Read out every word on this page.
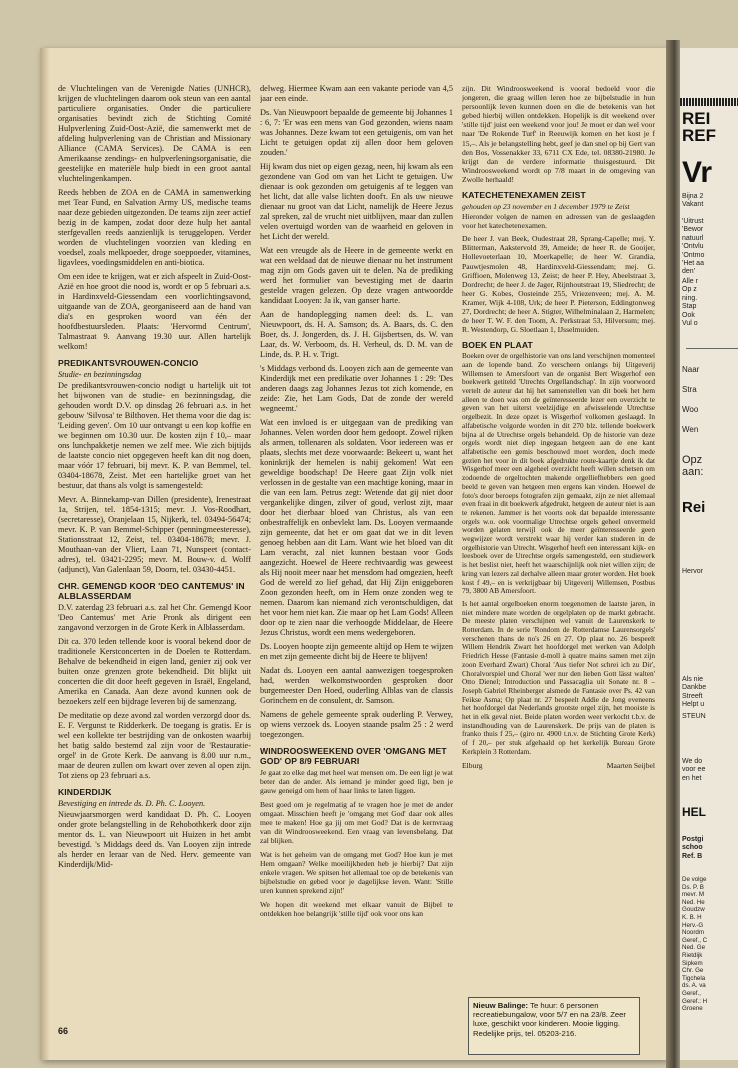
de Vluchtelingen van de Verenigde Naties (UNHCR), krijgen de vluchtelingen daarom ook steun van een aantal particuliere organisaties. Onder die particuliere organisaties bevindt zich de Stichting Comité Hulpverlening Zuid-Oost-Azië, die samenwerkt met de afdeling hulpverlening van de Christian and Missionary Alliance (CAMA Services). De CAMA is een Amerikaanse zendings- en hulpverleningsorganisatie, die geestelijke en materiële hulp biedt in een groot aantal vluchtelingenkampen.

Reeds hebben de ZOA en de CAMA in samenwerking met Tear Fund, en Salvation Army US, medische teams naar deze gebieden uitgezonden. De teams zijn zeer actief bezig in de kampen, zodat door deze hulp het aantal sterfgevallen reeds aanzienlijk is teruggelopen. Verder worden de vluchtelingen voorzien van kleding en voedsel, zoals melkpoeder, droge soeppoeder, vitamines, ligavlees, voedingsmiddelen en anti-biotica.

Om een idee te krijgen, wat er zich afspeelt in Zuid-Oost-Azië en hoe groot die nood is, wordt er op 5 februari a.s. in Hardinxveld-Giessendam een voorlichtingsavond, uitgaande van de ZOA, georganiseerd aan de hand van dia's en gesproken woord van één der hoofdbestuursleden. Plaats: 'Hervormd Centrum', Talmastraat 9. Aanvang 19.30 uur. Allen hartelijk welkom!

PREDIKANTSVROUWEN-CONCIO

Studie- en bezinningsdag

De predikantsvrouwen-concio nodigt u hartelijk uit tot het bijwonen van de studie- en bezinningsdag, die gehouden wordt D.V. op dinsdag 26 februari a.s. in het gebouw 'Silvosa' te Bilthoven. Het thema voor die dag is: 'Leiding geven'. Om 10 uur ontvangt u een kop koffie en we beginnen om 10.30 uur. De kosten zijn f 10,– maar ons lunchpakketje nemen we zelf mee. Wie zich bijtijds de laatste concio niet opgegeven heeft kan dit nog doen, maar vóór 17 februari, bij mevr. K. P. van Bemmel, tel. 03404-18678, Zeist. Met een hartelijke groet van het bestuur, dat thans als volgt is samengesteld:

Mevr. A. Binnekamp-van Dillen (presidente), Irenestraat 1a, Strijen, tel. 1854-1315; mevr. J. Vos-Roodhart, (secretaresse), Oranjelaan 15, Nijkerk, tel. 03494-56474; mevr. K. P. van Bemmel-Schipper (penningmeesteresse), Stationsstraat 12, Zeist, tel. 03404-18678; mevr. J. Mouthaan-van der Vliert, Laan 71, Nunspeet (contact-adres), tel. 03421-2295; mevr. M. Bouw-v. d. Wolff (adjunct), Van Galenlaan 59, Doorn, tel. 03430-4451.

CHR. GEMENGD KOOR 'DEO CANTEMUS' IN ALBLASSERDAM

D.V. zaterdag 23 februari a.s. zal het Chr. Gemengd Koor 'Deo Cantemus' met Arie Pronk als dirigent een zangavond verzorgen in de Grote Kerk in Alblasserdam.

Dit ca. 370 leden tellende koor is vooral bekend door de traditionele Kerstconcerten in de Doelen te Rotterdam. Behalve de bekendheid in eigen land, genieт zij ook ver buiten onze grenzen grote bekendheid. Dit blijkt uit concerten die dit door heeft gegeven in Israël, Engeland, Amerika en Canada. Aan deze avond kunnen ook de bezoekers zelf een bijdrage leveren bij de samenzang.

De meditatie op deze avond zal worden verzorgd door ds. E. F. Vergunst te Ridderkerk. De toegang is gratis. Er is wel een kollekte ter bestrijding van de onkosten waarbij het batig saldo bestemd zal zijn voor de 'Restauratie-orgel' in de Grote Kerk. De aanvang is 8.00 uur n.m., maar de deuren zullen om kwart over zeven al open zijn. Tot ziens op 23 februari a.s.

KINDERDIJK

Bevestiging en intrede ds. D. Ph. C. Looyen.

Nieuwjaarsmorgen werd kandidaat D. Ph. C. Looyen onder grote belangstelling in de Rehobothkerk door zijn mentor ds. L. van Nieuwpoort uit Huizen in het ambt bevestigd. 's Middags deed ds. Van Looyen zijn intrede als herder en leraar van de Ned. Herv. gemeente van Kinderdijk/Mid-

delweg. Hiermee Kwam aan een vakante periode van 4,5 jaar een einde.

Ds. Van Nieuwpoort bepaalde de gemeente bij Johannes 1 : 6, 7: 'Er was een mens van God gezonden, wiens naam was Johannes. Deze kwam tot een getuigenis, om van het Licht te getuigen opdat zij allen door hem geloven zouden.'

Hij kwam dus niet op eigen gezag, neen, hij kwam als een gezondene van God om van het Licht te getuigen. Uw dienaar is ook gezonden om getuigenis af te leggen van het licht, dat alle valse lichten doofτ. En als uw nieuwe dienaar nu groot van dat Licht, namelijk de Heere Jezus zal spreken, zal de vrucht niet uitblijven, maar dan zullen velen overtuigd worden van de waarheid en geloven in het Licht der wereld.

Wat een vreugde als de Heere in de gemeente werkt en wat een weldaad dat de nieuwe dienaar nu het instrument mag zijn om Gods gaven uit te delen. Na de prediking werd het formulier van bevestiging met de daarin gestelde vragen gelezen. Op deze vragen antwoordde kandidaat Looyen: Ja ik, van ganser harte.

Aan de handoplegging namen deel: ds. L. van Nieuwpoort, ds. H. A. Samson; ds. A. Baars, ds. C. den Boer, ds. J. Jongerden, ds. J. H. Gijsbertsen, ds. W. van Laar, ds. W. Verboom, ds. H. Verheul, ds. D. M. van de Linde, ds. P. H. v. Trigt.

's Middags verbond ds. Looyen zich aan de gemeente van Kinderdijk met een predikatie over Johannes 1 : 29: 'Des anderen daags zag Johannes Jezus tot zich komende, en zeide: Zie, het Lam Gods, Dat de zonde der wereld wegneemt.'

Wat een invloed is er uitgegaan van de prediking van Johannes. Velen worden door hem gedoopt. Zowel rijken als armen, tollenaren als soldaten. Voor iedereen was er plaats, slechts met deze voorwaarde: Bekeert u, want het koninkrijk der hemelen is nabij gekomen! Wat een geweldige boodschap! De Heere gaat Zijn volk niet verlossen in de gestalte van een machtige koning, maar in die van een lam. Petrus zegt: Wetende dat gij niet door vergankelijke dingen, zilver of goud, verlost zijt, maar door het dierbaar bloed van Christus, als van een onbestraffelijk en onbevlekt lam. Ds. Looyen vermaande zijn gemeente, dat het er om gaat dat we in dit leven genoeg hebben aan dit Lam. Want wie het bloed van dit Lam veracht, zal niet kunnen bestaan voor Gods aangezicht. Hoewel de Heere rechtvaardig was geweest als Hij nooit meer naar het mensdom had omgezien, heeft God de wereld zo lief gehad, dat Hij Zijn eniggeboren Zoon gezonden heeft, om in Hem onze zonden weg te nemen. Daarom kan niemand zich verontschuldigen, dat het voor hem niet kan. Zie maar op het Lam Gods! Alleen door op te zien naar die verhoogde Middelaar, de Heere Jezus Christus, wordt een mens wedergeboren.

Ds. Looyen hoopte zijn gemeente altijd op Hem te wijzen en met zijn gemeente dicht bij de Heere te blijven!

Nadat ds. Looyen een aantal aanwezigen toegesproken had, werden welkomstwoorden gesproken door burgemeester Den Hoed, ouderling Alblas van de classis Gorinchem en de consulent, dr. Samson.

Namens de gehele gemeente sprak ouderling P. Verwey, op wiens verzoek ds. Looyen staande psalm 25 : 2 werd toegezongen.

WINDROOSWEEKEND OVER 'OMGANG MET GOD' OP 8/9 FEBRUARI

Je gaat zo elke dag met heel wat mensen om. De een ligt je wat beter dan de ander. Als iemand je minder goed ligt, ben je gauw geneigd om hem of haar links te laten liggen.

Best goed om je regelmatig af te vragen hoe je met de ander omgaat. Misschien heeft je 'omgang met God' daar ook alles mee te maken! Hoe ga jij om met God? Dat is de kernvraag van dit Windroosweekend. Een vraag van levensbelang. Dat zal blijken.

Wat is het geheim van de omgang met God? Hoe kun je met Hem omgaan? Welke moeilijkheden heb je hierbij? Dat zijn enkele vragen. We spitsen het allemaal toe op de betekenis van bijbelstudie en gebed voor je dagelijkse leven. Want: 'Stille uren kunnen sprekend zijn!'

We hopen dit weekend met elkaar vanuit de Bijbel te ontdekken hoe belangrijk 'stille tijd' ook voor ons kan

zijn. Dit Windroosweekend is vooral bedoeld voor die jongeren, die graag willen leren hoe ze bijbelstudie in hun persoonlijk leven kunnen doen en die de betekenis van het gebed hierbij willen ontdekken. Hopelijk is dit weekend over 'stille tijd' juist een weekend voor jou! Je moet er dan wel voor naar 'De Rokende Turf' in Reeuwijk komen en het kost je f 15,–. Als je belangstelling hebt, geef je dan snel op bij Gert van den Bos, Vossenakker 33, 6711 CX Ede, tel. 08380-21980. Je krijgt dan de verdere informatie thuisgestuurd. Dit Windroosweekend wordt op 7/8 maart in de omgeving van Zwolle herhaald!

KATECHETENEXAMEN ZEIST

gehouden op 23 november en 1 december 1979 te Zeist

Hieronder volgen de namen en adressen van de geslaagden voor het katechetenexamen.

De heer J. van Beek, Oudestraat 28, Sprang-Capelle; mej. Y. Blitterman, Aakstervold 39, Ameide; de heer R. de Gooijer, Hollevoeterlaan 10, Moerkapelle; de heer W. Grandia, Pauwtjesmolen 48, Hardinxveld-Giessendam; mej. G. Griffioen, Molenweg 13, Zeist; de heer P. Hey, Abeelstraat 3, Dordrecht; de heer J. de Jager, Rijnhoutstraat 19, Sliedrecht; de heer G. Kobes, Oosteinde 255, Vriezenveen; mej. A. M. Kramer, Wijk 4-108, Urk; de heer P. Pieterson, Eddingtonweg 27, Dordrecht; de heer A. Stigter, Wilhelminalaan 2, Harmelen; de heer T. W. F. den Toom, A. Perkstraat 53, Hilversum; mej. R. Westendorp, G. Sloetlaan 1, IJsselmuiden.

BOEK EN PLAAT

Boeken over de orgelhistorie van ons land verschijnen momenteel aan de lopende band. Zo verscheen onlangs bij Uitgeverij Willemsen te Amersfoort van de organist Bert Wisgerhof een boekwerk getiteld 'Utrechts Orgellandschap'. In zijn voorwoord vertelt de auteur dat hij het samenstellen van dit boek het hem alleen te doen was om de geïnteresseerde lezer een overzicht te geven van het uiterst veelzijdige en afwisselende Utrechtse orgelbezit. In deze opzet is Wisgerhof volkomen geslaagd. In alfabetische volgorde worden in dit 270 blz. tellende boekwerk bijna al de Utrechtse orgels behandeld. Op de historie van deze orgels wordt niet diep ingegaan hetgeen aan de ene kant alfabetische een gemis beschouwd moet worden, doch mede gezien het voor in dit boek afgedrukte route-kaartje denk ik dat Wisgerhof meer een algeheel overzicht heeft willen schetsen om zodoende de orgeltochten makende orgelliefhebbers een goed beeld te geven van hetgeen men ergens kan vinden. Hoewel de foto's door beroeps fotografen zijn gemaakt, zijn ze niet allemaal even fraai in dit boekwerk afgedrukt, hetgeen de auteur niet is aan te rekenen. Jammer is het voorts ook dat bepaalde interessante orgels w.o. ook voormalige Utrechtse orgels geheel onvermeld worden gelaten terwijl ook de meer geïnteresseerde geen wegwijzer wordt verstrekt waar hij verder kan studeren in de orgelhistorie van Utrecht. Wisgerhof heeft een interessant kijk- en leesboek over de Utrechtse orgels samengesteld, een studiewerk is het beslist niet, heeft het waarschijnlijk ook niet willen zijn; de kring van lezers zal derhalve alleen maar groter worden. Het boek kost f 49,– en is verkrijgbaar bij Uitgeverij Willemsen, Postbus 79, 3800 AB Amersfoort.

Is het aantal orgelboeken enorm toegenomen de laatste jaren, in niet mindere mate worden de orgelplaten op de markt gebracht. De meeste platen verschijnen wel vanuit de Laurenskerk te Rotterdam. In de serie 'Rondom de Rotterdamse Laurensorgels' verschenen thans de no's 26 en 27. Op plaat no. 26 bespeelt Willem Hendrik Zwart het hoofdorgel met werken van Adolph Friedrich Hesse (Fantasie d-moll à quatre mains samen met zijn zoon Everhard Zwart) Choral 'Aus tiefer Not schrei ich zu Dir', Choralvorspiel und Choral 'wer nur den lieben Gott lässt walten' Otto Dienel; Introduction und Passacaglia uit Sonate nr. 8 – Joseph Gabriel Rheinberger alsmede de Fantasie over Ps. 42 van Feikse Asma; Op plaat nr. 27 bespeelt Addie de Jong eveneens het hoofdorgel dat Nederlands grootste orgel zijn, het mooiste is het in elk geval niet. Beide platen worden weer verkocht t.b.v. de instandhouding van de Laurenskerk. De prijs van de platen is franko thuis f 25,– (giro nr. 4900 t.n.v. de Stichting Grote Kerk) of f 20,– per stuk afgehaald op het kerkelijk Bureau Grote Kerkplein 3 Rotterdam.

Elburg	Maarten Seijbel

Nieuw Balinge: Te huur: 6 personen recreatiebungalow, voor 5/7 en na 23/8. Zeer luxe, geschikt voor kinderen. Mooie ligging. Redelijke prijs, tel. 05203-216.
66
REI
REF
Vr
Bijna 2
Vakant
'Uitrust
'Bewor
natuurl
'Ontvlu
'Ontmo
'Het aa
den'
Alle r
Op z
ning.
Stap
Ook
Vul o
Naar
Stra
Woo
Wen
Opz
aan:
Rei
Hervor
Als nie
Dankbe
Streeft
Helpt u
STEUN
We do
voor ee
en het
HEL
Postgi
schoo
Ref. B
De volge
Ds. P. B
mevr. M
Ned. He
Goudzw
K. B. H
Herv.-G
Noordm
Geref., C
Ned. Ge
Rietdijk
Sipkem
Chr. Ge
Tigchela
ds. A. va
Geref.,
Geref.: H
Groene
